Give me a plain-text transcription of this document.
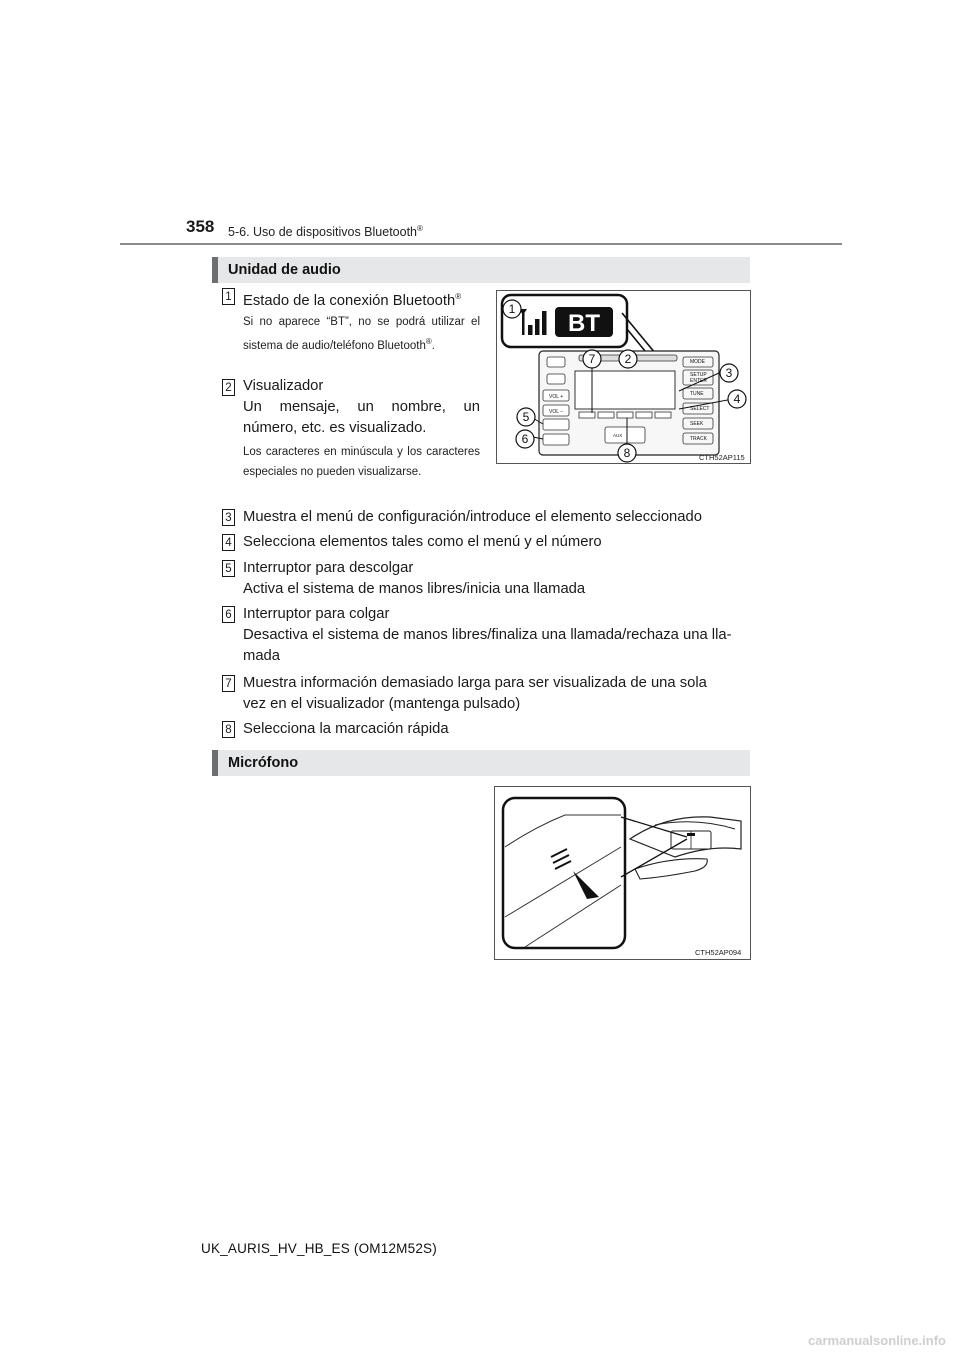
358 5-6. Uso de dispositivos Bluetooth®
Unidad de audio
1 Estado de la conexión Bluetooth®
Si no aparece “BT”, no se podrá utilizar el sistema de audio/teléfono Bluetooth®.
2 Visualizador
Un mensaje, un nombre, un número, etc. es visualizado.
Los caracteres en minúscula y los caracteres especiales no pueden visualizarse.
BT
VOL +
VOL −
AUX
MODE
SETUP
ENTER
TUNE
SELECT
SEEK
TRACK
1
2
3
4
5
6
7
8	CTH52AP115
3 Muestra el menú de configuración/introduce el elemento seleccionado
4 Selecciona elementos tales como el menú y el número
5 Interruptor para descolgar
Activa el sistema de manos libres/inicia una llamada
6 Interruptor para colgar
Desactiva el sistema de manos libres/finaliza una llamada/rechaza una lla-
mada
7 Muestra información demasiado larga para ser visualizada de una sola
vez en el visualizador (mantenga pulsado)
8 Selecciona la marcación rápida
Micrófono
CTH52AP094
UK_AURIS_HV_HB_ES (OM12M52S)
carmanualsonline.info
